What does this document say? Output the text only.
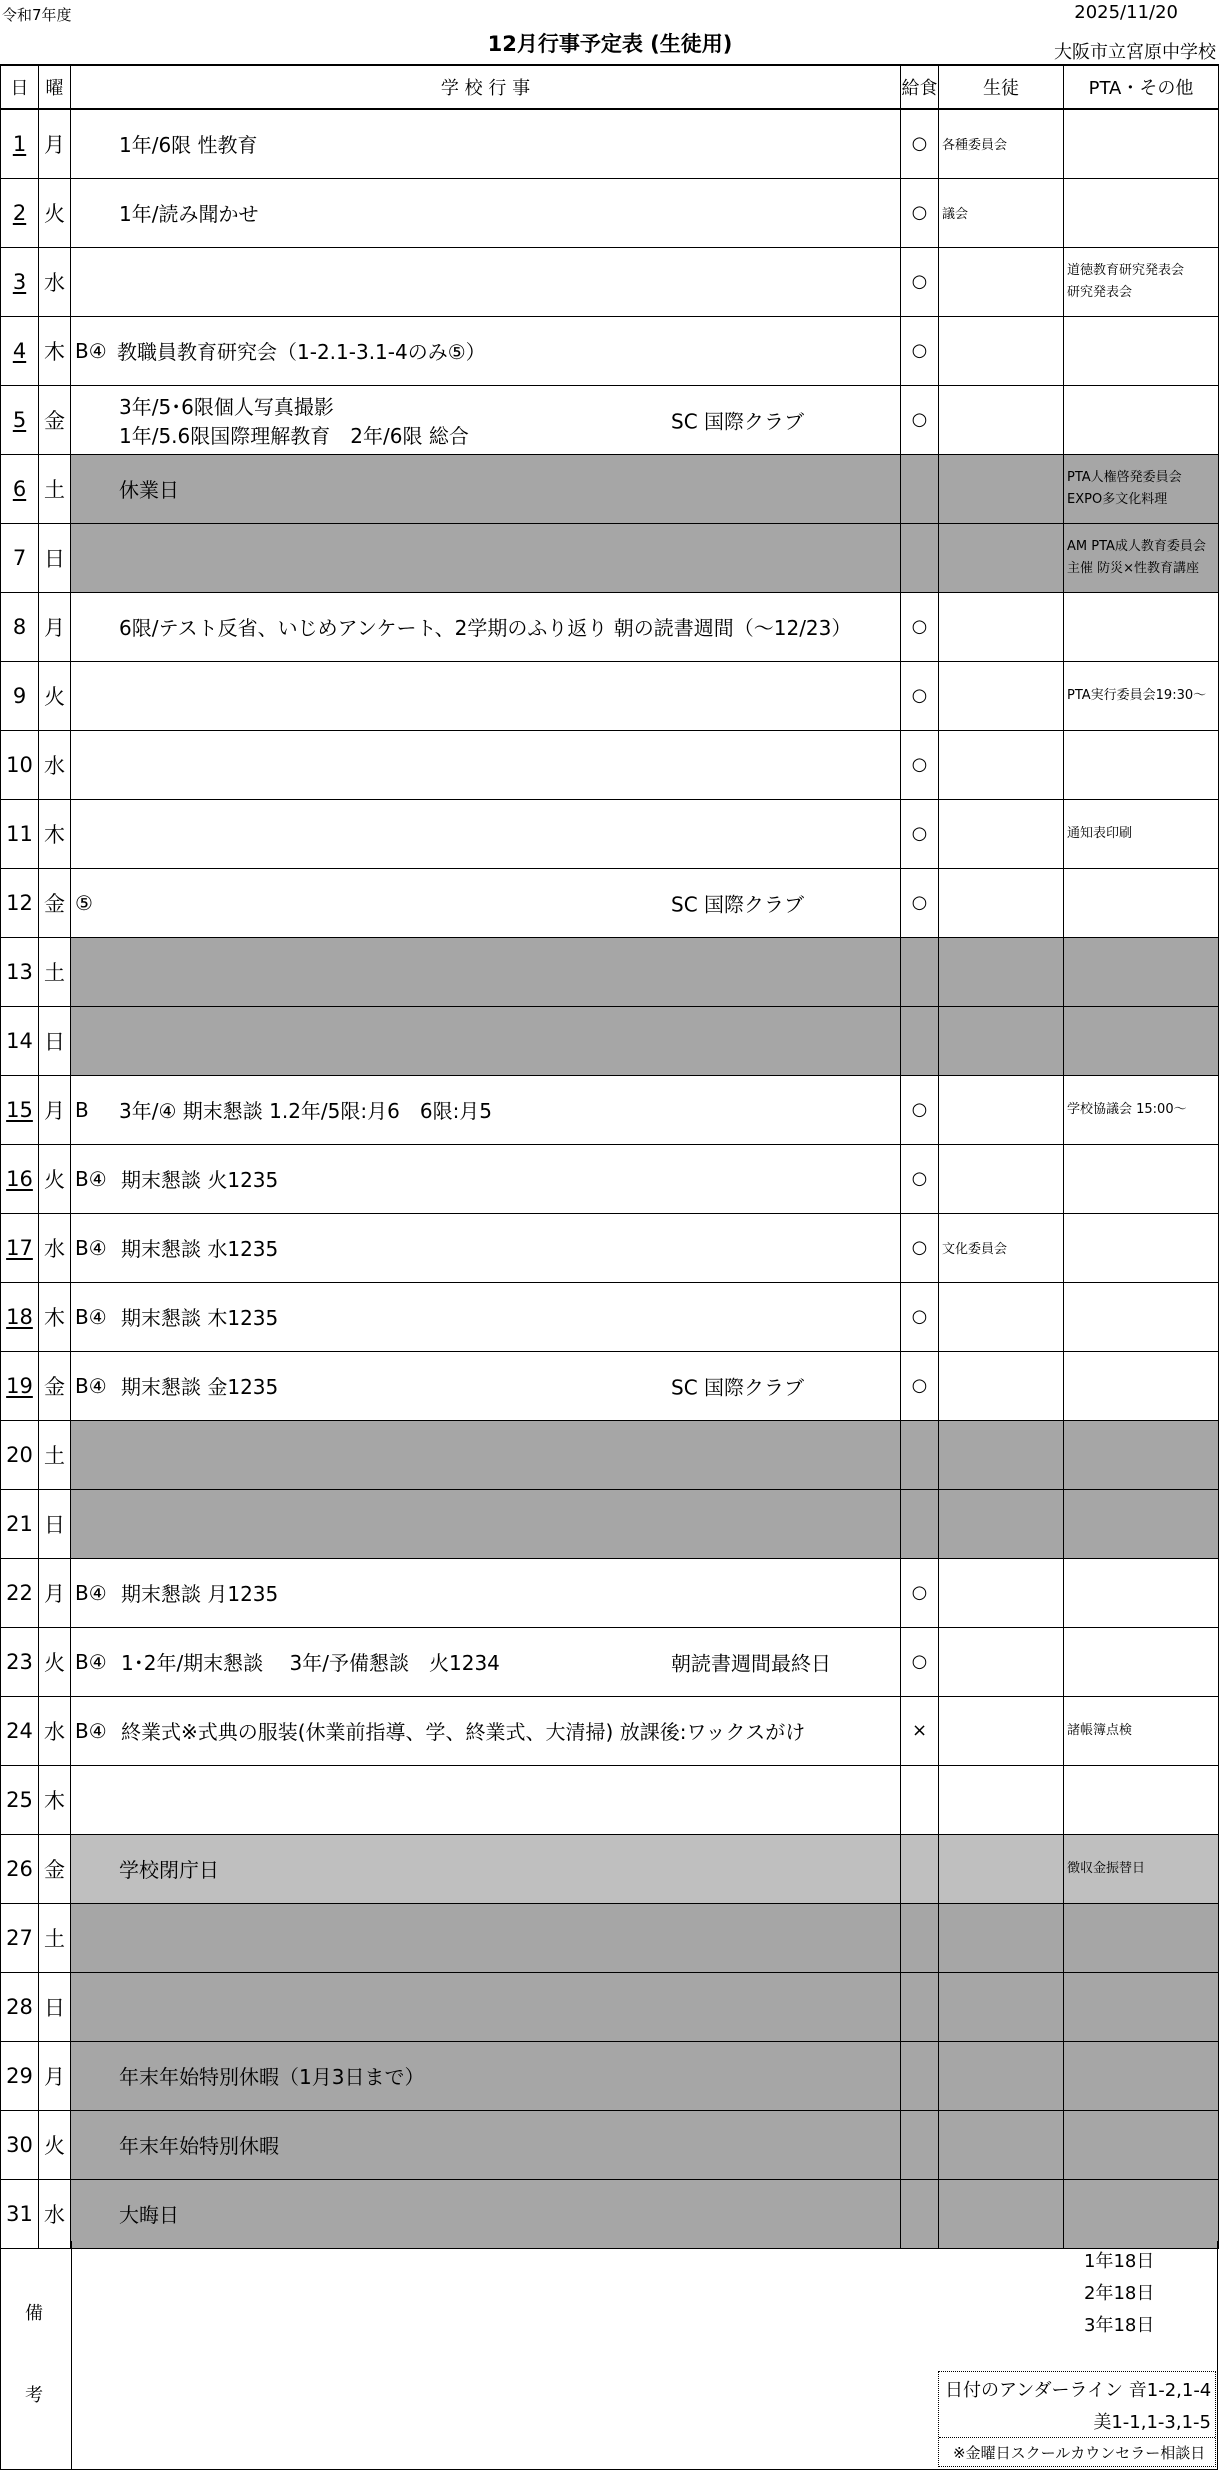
令和7年度
12月行事予定表 (生徒用)
2025/11/20
大阪市立宮原中学校
日	曜	学 校 行 事	給食	生徒	PTA・その他
1	月	1年/6限 性教育	○	各種委員会	

2	火	1年/読み聞かせ	○	議会	

3	水		○		道徳教育研究発表会
研究発表会

4	木	B④ 教職員教育研究会（1-2.1-3.1-4のみ⑤）	○		

5	金	3年/5･6限個人写真撮影
1年/5.6限国際理解教育　2年/6限 総合
SC 国際クラブ	○		

6	土	休業日			PTA人権啓発委員会
EXPO多文化料理

7	日				AM PTA成人教育委員会主催 防災×性教育講座

8	月	6限/テスト反省、いじめアンケート、2学期のふり返り 朝の読書週間（～12/23）	○		

9	火		○		PTA実行委員会19:30～

10	水		○		

11	木		○		通知表印刷

12	金	⑤ SC 国際クラブ	○		

13	土	

14	日	

15	月	B 3年/④ 期末懇談 1.2年/5限:月6　6限:月5	○		学校協議会 15:00～

16	火	B④ 期末懇談 火1235	○		

17	水	B④ 期末懇談 水1235	○	文化委員会	

18	木	B④ 期末懇談 木1235	○		

19	金	B④ 期末懇談 金1235 SC 国際クラブ	○		

20	土	

21	日	

22	月	B④ 期末懇談 月1235	○		

23	火	B④ 1･2年/期末懇談　 3年/予備懇談　火1234 朝読書週間最終日	○		

24	水	B④ 終業式※式典の服装(休業前指導、学、終業式、大清掃) 放課後:ワックスがけ	×		諸帳簿点検

25	木	

26	金	学校閉庁日			徴収金振替日

27	土	

28	日	

29	月	年末年始特別休暇（1月3日まで）			

30	火	年末年始特別休暇			

31	水	大晦日			

備
考
1年18日
2年18日
3年18日
日付のアンダーライン 音1-2,1-4
美1-1,1-3,1-5
※金曜日スクールカウンセラー相談日
